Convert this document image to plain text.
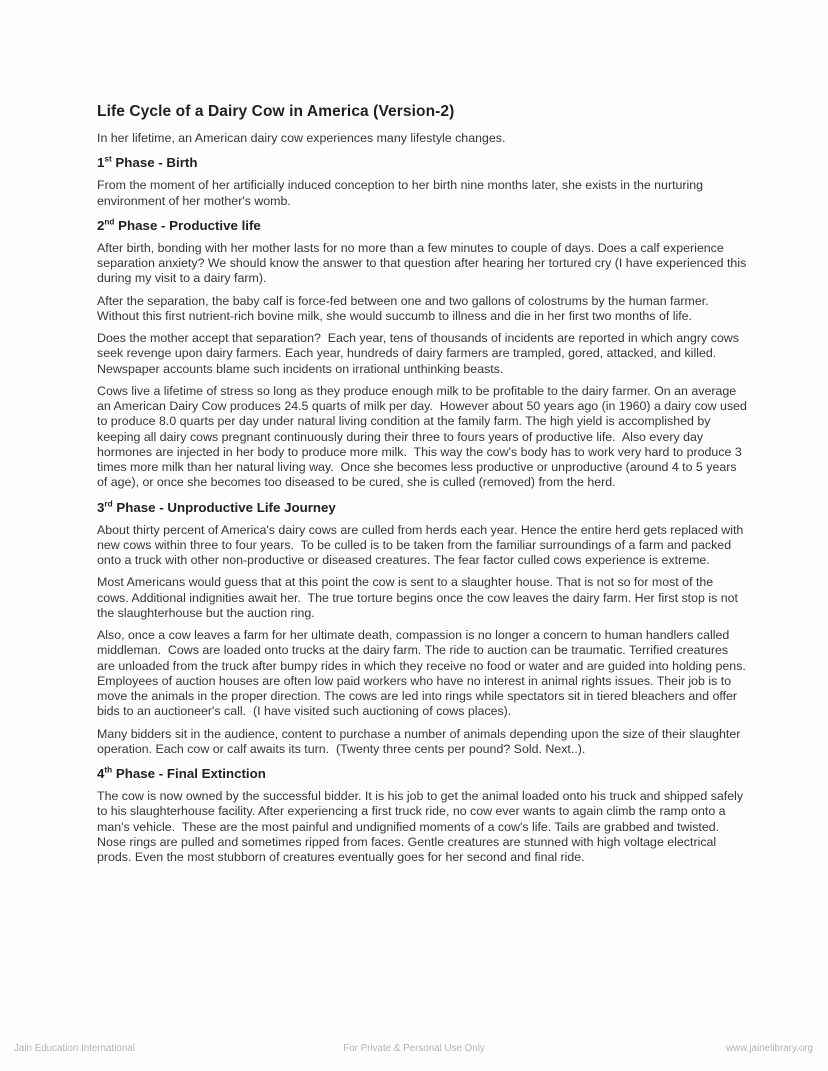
Life Cycle of a Dairy Cow in America (Version-2)

In her lifetime, an American dairy cow experiences many lifestyle changes.

1st Phase - Birth

From the moment of her artificially induced conception to her birth nine months later, she exists in the nurturing environment of her mother's womb.

2nd Phase - Productive life

After birth, bonding with her mother lasts for no more than a few minutes to couple of days. Does a calf experience separation anxiety? We should know the answer to that question after hearing her tortured cry (I have experienced this during my visit to a dairy farm).

After the separation, the baby calf is force-fed between one and two gallons of colostrums by the human farmer. Without this first nutrient-rich bovine milk, she would succumb to illness and die in her first two months of life.

Does the mother accept that separation?  Each year, tens of thousands of incidents are reported in which angry cows seek revenge upon dairy farmers. Each year, hundreds of dairy farmers are trampled, gored, attacked, and killed. Newspaper accounts blame such incidents on irrational unthinking beasts.

Cows live a lifetime of stress so long as they produce enough milk to be profitable to the dairy farmer. On an average an American Dairy Cow produces 24.5 quarts of milk per day.  However about 50 years ago (in 1960) a dairy cow used to produce 8.0 quarts per day under natural living condition at the family farm. The high yield is accomplished by keeping all dairy cows pregnant continuously during their three to fours years of productive life.  Also every day hormones are injected in her body to produce more milk.  This way the cow's body has to work very hard to produce 3 times more milk than her natural living way.  Once she becomes less productive or unproductive (around 4 to 5 years of age), or once she becomes too diseased to be cured, she is culled (removed) from the herd.

3rd Phase - Unproductive Life Journey

About thirty percent of America's dairy cows are culled from herds each year. Hence the entire herd gets replaced with new cows within three to four years.  To be culled is to be taken from the familiar surroundings of a farm and packed onto a truck with other non-productive or diseased creatures. The fear factor culled cows experience is extreme.

Most Americans would guess that at this point the cow is sent to a slaughter house. That is not so for most of the cows. Additional indignities await her.  The true torture begins once the cow leaves the dairy farm. Her first stop is not the slaughterhouse but the auction ring.

Also, once a cow leaves a farm for her ultimate death, compassion is no longer a concern to human handlers called middleman.  Cows are loaded onto trucks at the dairy farm. The ride to auction can be traumatic. Terrified creatures are unloaded from the truck after bumpy rides in which they receive no food or water and are guided into holding pens. Employees of auction houses are often low paid workers who have no interest in animal rights issues. Their job is to move the animals in the proper direction. The cows are led into rings while spectators sit in tiered bleachers and offer bids to an auctioneer's call.  (I have visited such auctioning of cows places).

Many bidders sit in the audience, content to purchase a number of animals depending upon the size of their slaughter operation. Each cow or calf awaits its turn.  (Twenty three cents per pound? Sold. Next..).

4th Phase - Final Extinction

The cow is now owned by the successful bidder. It is his job to get the animal loaded onto his truck and shipped safely to his slaughterhouse facility. After experiencing a first truck ride, no cow ever wants to again climb the ramp onto a man's vehicle.  These are the most painful and undignified moments of a cow's life. Tails are grabbed and twisted. Nose rings are pulled and sometimes ripped from faces. Gentle creatures are stunned with high voltage electrical prods. Even the most stubborn of creatures eventually goes for her second and final ride.

Jain Education International	For Private & Personal Use Only	www.jainelibrary.org
